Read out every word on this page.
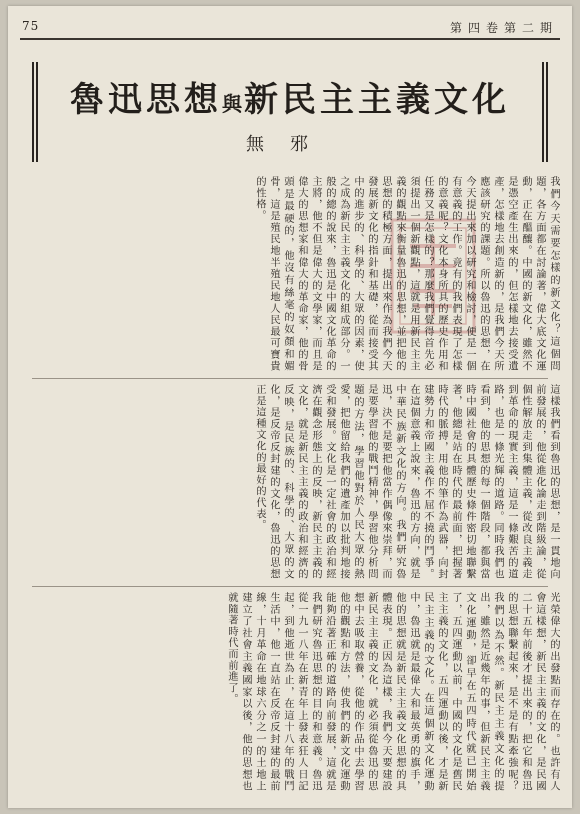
75	第四卷第二期
魯迅思想與新民主主義文化
無邪
我們今天需要怎樣的新文化？這個問題，各方面都在討論著，偉大底文化運動，正在醞釀。中國的新文化，雖然不是憑空產生出來的，但怎樣地去接受遺產，怎樣地去創造新的，是我們今天所應該研究的課題。所以魯迅的思想，在今天提出來加以研究和檢討，便是一個有意義的工作。竟有的我們表現了怎樣的意義呢？文化本身所具的歷史作用和任務又是怎樣的？那麼我們覺得首先必須提出一個新觀點，這就是用新民主主義的觀點來衡量魯迅的思想，並把他的思想的積極方面，提出來作為我們今天發展新文化的指針和基礎，從而接受其中的進步的、科學的、大眾的因素，使之成為新民主主義文化的組成部分。一般的總的說來，魯迅是中國文化革命的主將，他不但是偉大的文學家，而且是偉大的思想家和偉大的革命家，他的骨頭是最硬的，他沒有絲毫的奴顏和媚骨，這是殖民地半殖民地人民最可寶貴的性格。
這樣我們看到魯迅的思想，是一貫地向前發展的，他從進化論走到階級論，從個性解放走到集體主義，從改良主義走到革命的現實主義，這是一條艱苦的道路，也是一條光輝的道路。同時我們也看到，他的思想的每一個階段，都與當時中國社會的具體歷史條件密切地聯繫著，他總是站在時代的最前面，把握著時代的脈搏，用他的筆作為武器，向封建勢力和帝國主義作不屈不撓的鬥爭。在這個意義上說來，魯迅的方向，就是中華民族新文化的方向。我們研究魯迅，決不是要把他當作偶像來崇拜，而是要學習他的戰鬥精神，學習他分析問題的方法，學習他對於人民大眾的熱愛，把他留給我們的遺產加以批判地接受和發展。文化是一定社會的政治和經濟在觀念形態上的反映，新民主主義的文化，就是新民主主義的政治和經濟的反映，是民族的、科學的、大眾的文化，是反帝反封建的文化，魯迅的思想正是這種文化的最好的代表。
光榮偉大的出發點而存在的。也許有人會這樣想，新民主主義的文化，是民國二十五年前後才提出來的，把它和魯迅的思想聯繫起來，是不是有點牽強呢？我們以為不然。新民主主義文化的提出，雖然是近幾年的事，但新民主主義文化運動，卻早在五四時代就已開始了，五四運動以前，中國的文化是舊民主主義的文化，五四運動以後，才是新民主主義的文化。在這個新文化運動中，魯迅就是最偉大和最英勇的旗手，他的思想就是新民主主義文化思想的具體表現。正因為這樣，我們今天要建設新民主主義的文化，就必須從魯迅的思想中去吸取營養，從他的作品中去學習他的觀點和方法，使我們的新文化運動能夠沿著正確的道路向前發展，這就是我們研究魯迅思想的目的和意義。魯迅從一九一八年在新青年上發表狂人日記起，到他逝世為止，在這十八年的戰鬥生活中，他一直站在反帝反封建的最前線，十月革命在地球六分之一的土地上建立了社會主義國家以後，他的思想也就隨著時代而前進了。
